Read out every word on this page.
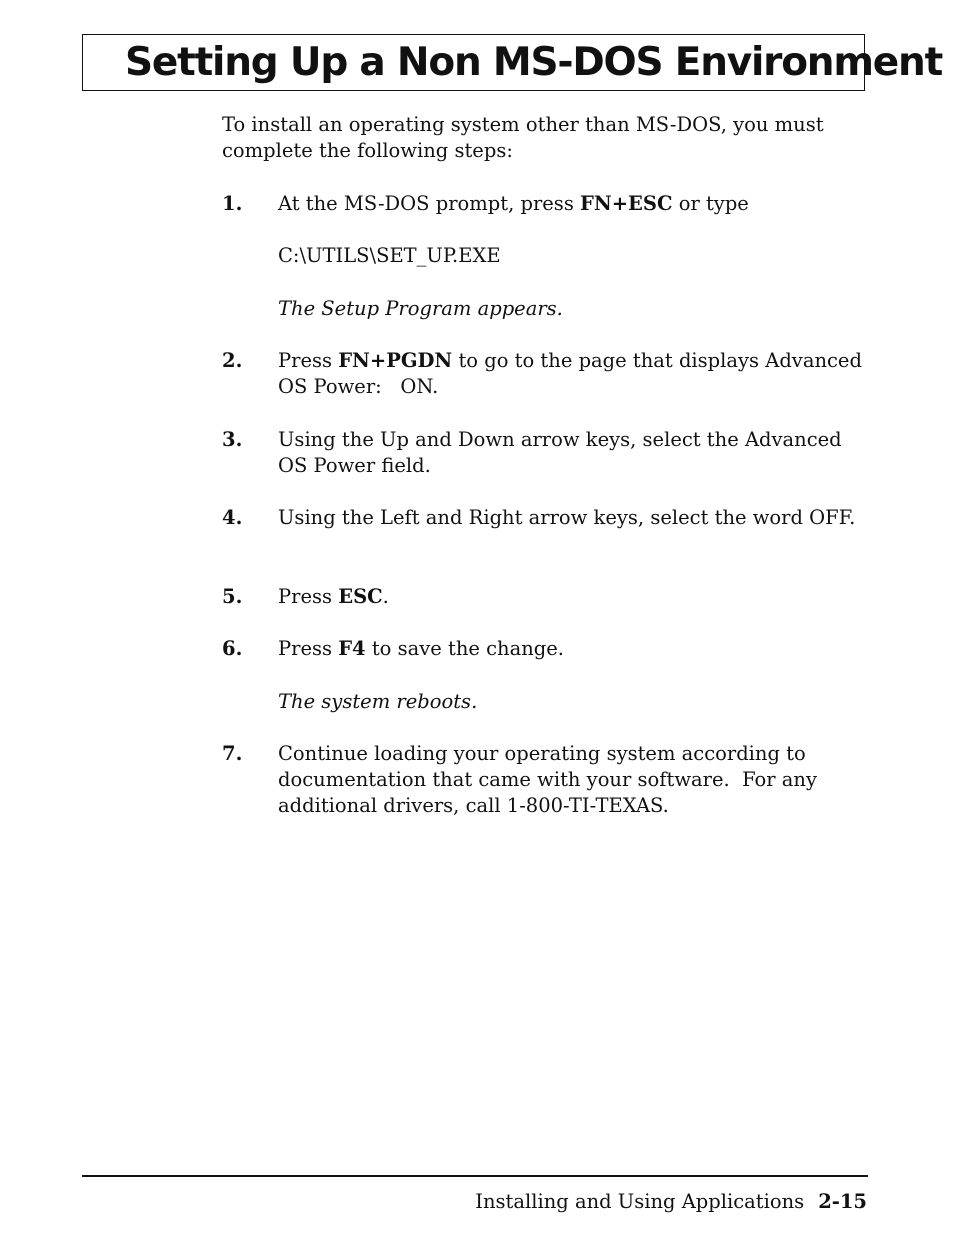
Setting Up a Non MS-DOS Environment
To install an operating system other than MS-DOS, you must complete the following steps:
1. At the MS-DOS prompt, press FN+ESC or type
C:\UTILS\SET_UP.EXE
The Setup Program appears.
2. Press FN+PGDN to go to the page that displays Advanced OS Power:   ON.
3. Using the Up and Down arrow keys, select the Advanced OS Power field.
4. Using the Left and Right arrow keys, select the word OFF.
5. Press ESC.
6. Press F4 to save the change.
The system reboots.
7. Continue loading your operating system according to documentation that came with your software.  For any additional drivers, call 1-800-TI-TEXAS.
Installing and Using Applications 2-15
